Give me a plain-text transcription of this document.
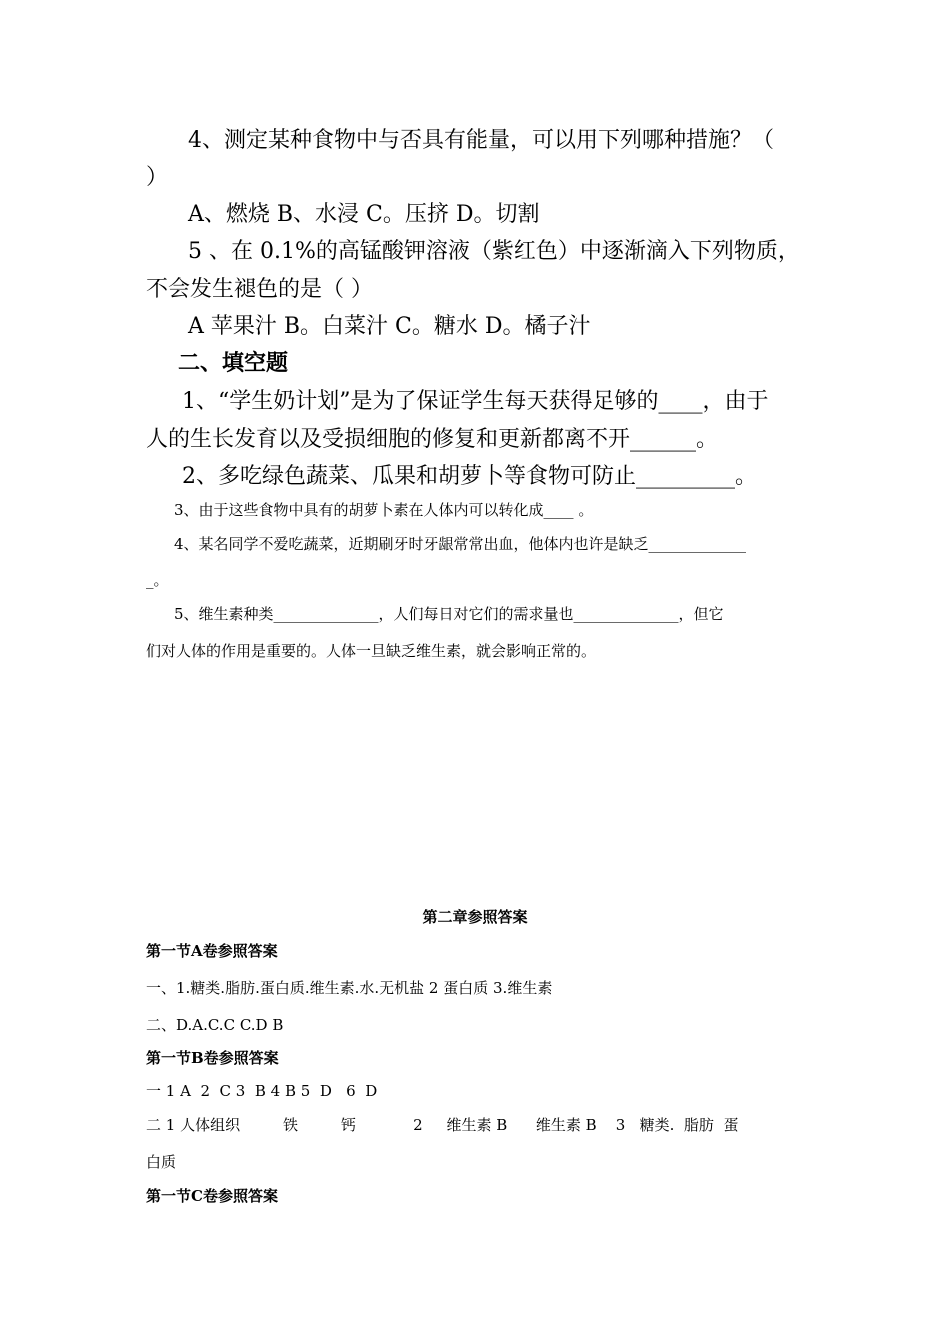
4、测定某种食物中与否具有能量，可以用下列哪种措施？（
）
A、燃烧 B、水浸 C。压挤 D。切割
5 、在 0.1%的高锰酸钾溶液（紫红色）中逐渐滴入下列物质，
不会发生褪色的是（ ）
A 苹果汁 B。白菜汁 C。糖水 D。橘子汁
二、填空题
1、“学生奶计划”是为了保证学生每天获得足够的____，由于
人的生长发育以及受损细胞的修复和更新都离不开______。
2、多吃绿色蔬菜、瓜果和胡萝卜等食物可防止_________。
3、由于这些食物中具有的胡萝卜素在人体内可以转化成____ 。
4、某名同学不爱吃蔬菜，近期刷牙时牙龈常常出血，他体内也许是缺乏_____________
_。
5、维生素种类______________，人们每日对它们的需求量也______________，但它
们对人体的作用是重要的。人体一旦缺乏维生素，就会影响正常的。
第二章参照答案
第一节A卷参照答案
一、1.糖类.脂肪.蛋白质.维生素.水.无机盐 2 蛋白质 3.维生素
二、D.A.C.C C.D B
第一节B卷参照答案
一 1 A  2  C 3  B 4 B 5  D   6  D
二 1 人体组织         铁         钙            2     维生素 B      维生素 B    3   糖类.  脂肪  蛋
白质
第一节C卷参照答案
